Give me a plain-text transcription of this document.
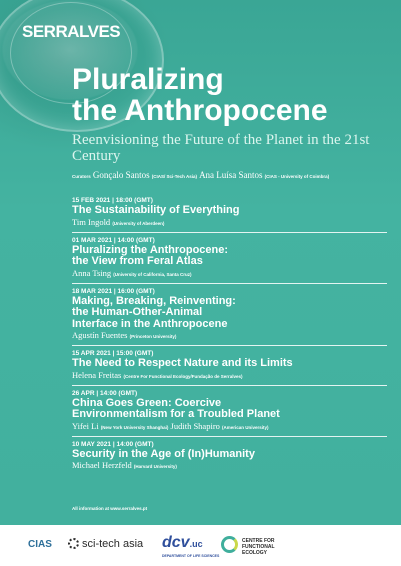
SERRALVES
Pluralizing
the Anthropocene
Reenvisioning the Future of the Planet in the 21st Century
Curators Gonçalo Santos (CIAS/ Sci-Tech Asia) Ana Luísa Santos (CIAS - University of Coimbra)
15 FEB 2021 | 18:00 (GMT)
The Sustainability of Everything
Tim Ingold (University of Aberdeen)
01 MAR 2021 | 14:00 (GMT)
Pluralizing the Anthropocene:
the View from Feral Atlas
Anna Tsing (University of California, Santa Cruz)
18 MAR 2021 | 16:00 (GMT)
Making, Breaking, Reinventing:
the Human-Other-Animal
Interface in the Anthropocene
Agustín Fuentes (Princeton University)
15 APR 2021 | 15:00 (GMT)
The Need to Respect Nature and its Limits
Helena Freitas (Centre For Functional Ecology/Fundação de Serralves)
26 APR | 14:00 (GMT)
China Goes Green: Coercive
Environmentalism for a Troubled Planet
Yifei Li (New York University Shanghai) Judith Shapiro (American University)
10 MAY 2021 | 14:00 (GMT)
Security in the Age of (In)Humanity
Michael Herzfeld (Harvard University)
All information at www.serralves.pt
CIAS	sci-tech asia dcv.uc
DEPARTMENT OF LIFE SCIENCES
CENTRE FOR
FUNCTIONAL
ECOLOGY
